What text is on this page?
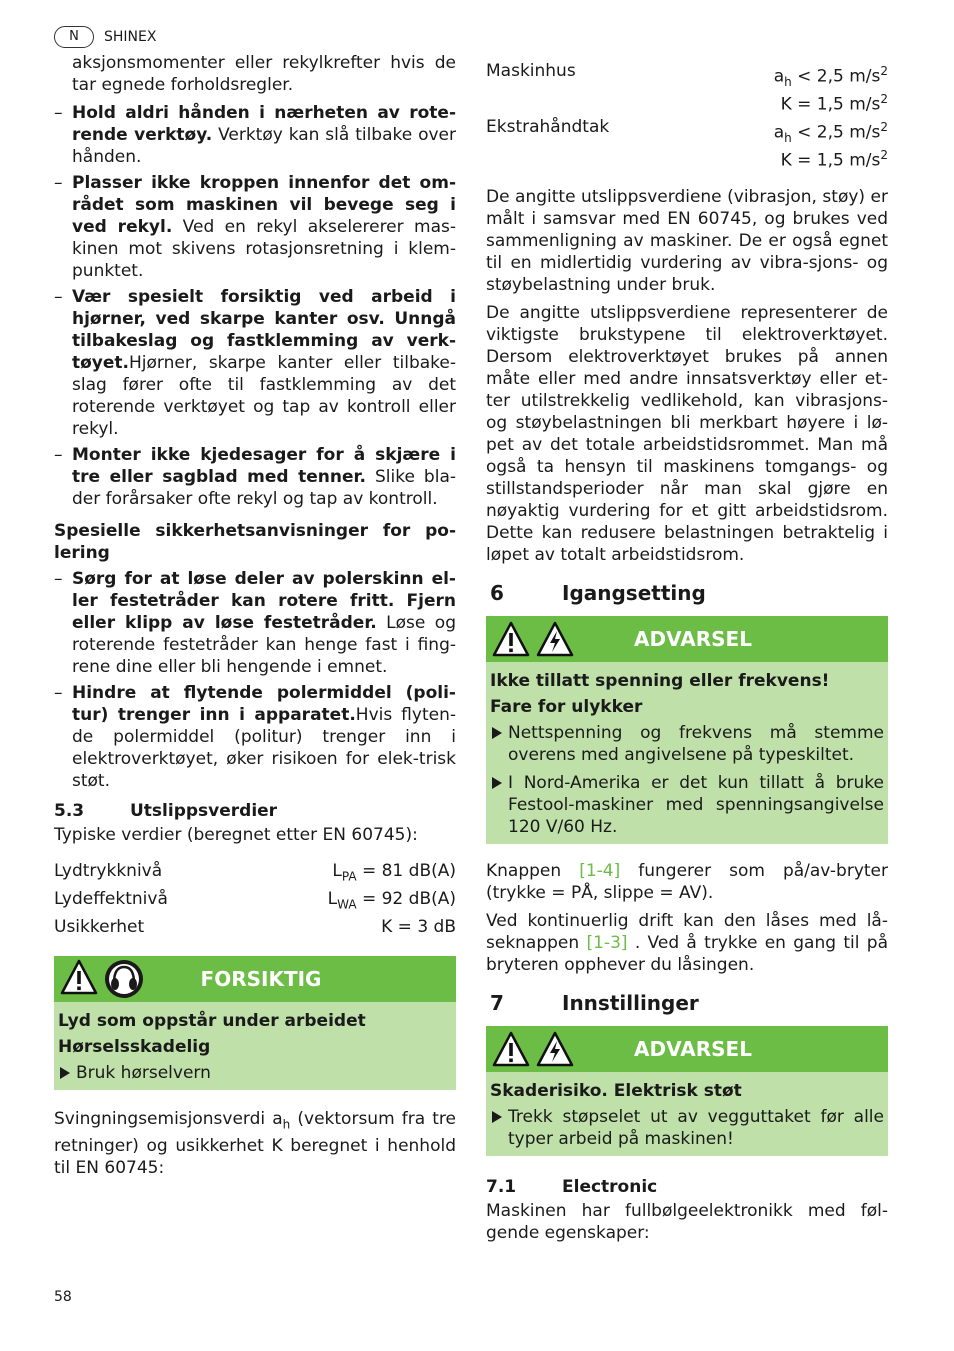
N	SHINEX
aksjonsmomenter eller rekylkrefter hvis de tar egnede forholdsregler.
– Hold aldri hånden i nærheten av rote-rende verktøy. Verktøy kan slå tilbake over hånden.
– Plasser ikke kroppen innenfor det om-rådet som maskinen vil bevege seg i ved rekyl. Ved en rekyl akselererer mas-kinen mot skivens rotasjonsretning i klem-punktet.
– Vær spesielt forsiktig ved arbeid i hjørner, ved skarpe kanter osv. Unngå tilbakeslag og fastklemming av verk-tøyet.Hjørner, skarpe kanter eller tilbake-slag fører ofte til fastklemming av det roterende verktøyet og tap av kontroll eller rekyl.
– Monter ikke kjedesager for å skjære i tre eller sagblad med tenner. Slike bla-der forårsaker ofte rekyl og tap av kontroll.
Spesielle sikkerhetsanvisninger for po-lering
– Sørg for at løse deler av polerskinn el-ler festetråder kan rotere fritt. Fjern eller klipp av løse festetråder. Løse og roterende festetråder kan henge fast i fing-rene dine eller bli hengende i emnet.
– Hindre at flytende polermiddel (poli-tur) trenger inn i apparatet.Hvis flyten-de polermiddel (politur) trenger inn i elektroverktøyet, øker risikoen for elek-trisk støt.
5.3	Utslippsverdier
Typiske verdier (beregnet etter EN 60745):
Lydtrykknivå	$L_{PA} = 81$ dB(A)
Lydeffektnivå	$L_{WA} = 92$ dB(A)
Usikkerhet	K = 3 dB
FORSIKTIG
Lyd som oppstår under arbeidet
Hørselsskadelig
Bruk hørselvern
Svingningsemisjonsverdi $a_h$ (vektorsum fra tre retninger) og usikkerhet K beregnet i henhold til EN 60745:
Maskinhus	$a_h < 2,5$ $m/s^2$
K = 1,5 $m/s^2$
Ekstrahåndtak	$a_h < 2,5$ $m/s^2$
K = 1,5 $m/s^2$
De angitte utslippsverdiene (vibrasjon, støy) er målt i samsvar med EN 60745, og brukes ved sammenligning av maskiner. De er også egnet til en midlertidig vurdering av vibra-sjons- og støybelastning under bruk.
De angitte utslippsverdiene representerer de viktigste brukstypene til elektroverktøyet. Dersom elektroverktøyet brukes på annen måte eller med andre innsatsverktøy eller et-ter utilstrekkelig vedlikehold, kan vibrasjons-og støybelastningen bli merkbart høyere i lø-pet av det totale arbeidstidsrommet. Man må også ta hensyn til maskinens tomgangs- og stillstandsperioder når man skal gjøre en nøyaktig vurdering for et gitt arbeidstidsrom. Dette kan redusere belastningen betraktelig i løpet av totalt arbeidstidsrom.
6	Igangsetting
ADVARSEL
Ikke tillatt spenning eller frekvens!
Fare for ulykker
Nettspenning og frekvens må stemme overens med angivelsene på typeskiltet.
I Nord-Amerika er det kun tillatt å bruke Festool-maskiner med spenningsangivelse 120 V/60 Hz.
Knappen [1-4] fungerer som på/av-bryter (trykke = PÅ, slippe = AV).
Ved kontinuerlig drift kan den låses med lå-seknappen [1-3] . Ved å trykke en gang til på bryteren opphever du låsingen.
7	Innstillinger
ADVARSEL
Skaderisiko. Elektrisk støt
Trekk støpselet ut av vegguttaket før alle typer arbeid på maskinen!
7.1	Electronic
Maskinen har fullbølgeelektronikk med føl-gende egenskaper:
58
